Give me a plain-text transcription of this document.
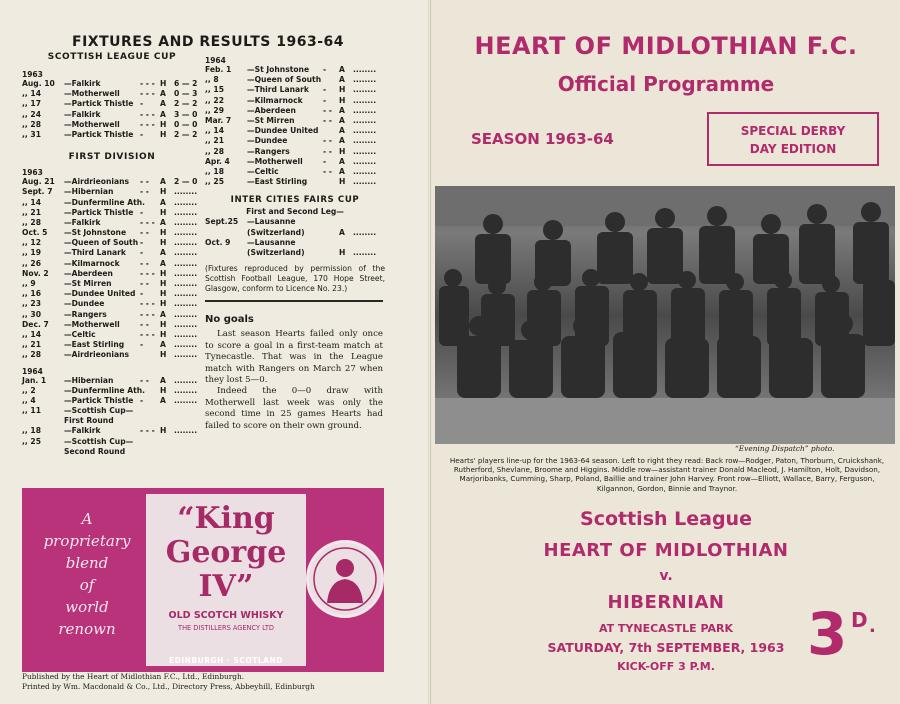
FIXTURES AND RESULTS 1963-64
SCOTTISH LEAGUE CUP
1963
Aug. 10	—Falkirk	- - - H 6 — 2
,, 14	—Motherwell	- - - A 0 — 3
,, 17	—Partick Thistle - A 2 — 2
,, 24	—Falkirk	- - - A 3 — 0
,, 28	—Motherwell	- - - H 0 — 0
,, 31	—Partick Thistle - H 2 — 2
FIRST DIVISION
1963
Aug. 21	—Airdrieonians - - A 2 — 0
Sept. 7	—Hibernian	- - H ........
,, 14	—Dunfermline Ath. A ........
,, 21	—Partick Thistle - H ........
,, 28	—Falkirk	- - - A ........
Oct. 5	—St Johnstone - - H ........
,, 12	—Queen of South - H ........
,, 19	—Third Lanark - A ........
,, 26	—Kilmarnock	- - A ........
Nov. 2	—Aberdeen	- - - H ........
,, 9	—St Mirren	- - H ........
,, 16	—Dundee United - H ........
,, 23	—Dundee	- - - H ........
,, 30	—Rangers	- - - A ........
Dec. 7	—Motherwell	- - H ........
,, 14	—Celtic	- - - H ........
,, 21	—East Stirling - A ........
,, 28	—Airdrieonians	H ........
1964
Jan. 1	—Hibernian	- - A ........
,, 2	—Dunfermline Ath. H ........
,, 4	—Partick Thistle - A ........
,, 11	—Scottish Cup—
First Round
,, 18	—Falkirk	- - - H ........
,, 25	—Scottish Cup—
Second Round
1964
Feb. 1	—St Johnstone - A ........
,, 8	—Queen of South A ........
,, 15	—Third Lanark - H ........
,, 22	—Kilmarnock	- H ........
,, 29	—Aberdeen	- - A ........
Mar. 7	—St Mirren	- - A ........
,, 14	—Dundee United	A ........
,, 21	—Dundee	- - A ........
,, 28	—Rangers	- - H ........
Apr. 4	—Motherwell	- A ........
,, 18	—Celtic	- - A ........
,, 25	—East Stirling	H ........
INTER CITIES FAIRS CUP
First and Second Leg—
Sept.25	—Lausanne
(Switzerland)	A ........
Oct. 9	—Lausanne
(Switzerland)	H ........
(Fixtures reproduced by permission of the Scottish Football League, 170 Hope Street, Glasgow, conform to Licence No. 23.)
No goals

Last season Hearts failed only once to score a goal in a first-team match at Tynecastle. That was in the League match with Rangers on March 27 when they lost 5—0.

Indeed the 0—0 draw with Motherwell last week was only the second time in 25 games Hearts had failed to score on their own ground.

A
proprietary
blend
of
world
renown
“King
George
IV”
OLD SCOTCH WHISKY
THE DISTILLERS AGENCY LTD
EDINBURGH · SCOTLAND
Published by the Heart of Midlothian F.C., Ltd., Edinburgh.
Printed by Wm. Macdonald & Co., Ltd., Directory Press, Abbeyhill, Edinburgh
HEART OF MIDLOTHIAN F.C.
Official Programme
SEASON 1963-64	SPECIAL DERBY
DAY EDITION
“Evening Dispatch” photo.
Hearts' players line-up for the 1963-64 season. Left to right they read: Back row—Rodger, Paton, Thorburn, Cruickshank, Rutherford, Shevlane, Broome and Higgins. Middle row—assistant trainer Donald Macleod, J. Hamilton, Holt, Davidson, Marjoribanks, Cumming, Sharp, Poland, Baillie and trainer John Harvey. Front row—Elliott, Wallace, Barry, Ferguson, Kilgannon, Gordon, Binnie and Traynor.
Scottish League
HEART OF MIDLOTHIAN
v.
HIBERNIAN
AT TYNECASTLE PARK
SATURDAY, 7th SEPTEMBER, 1963
KICK-OFF 3 P.M.	3 D .
